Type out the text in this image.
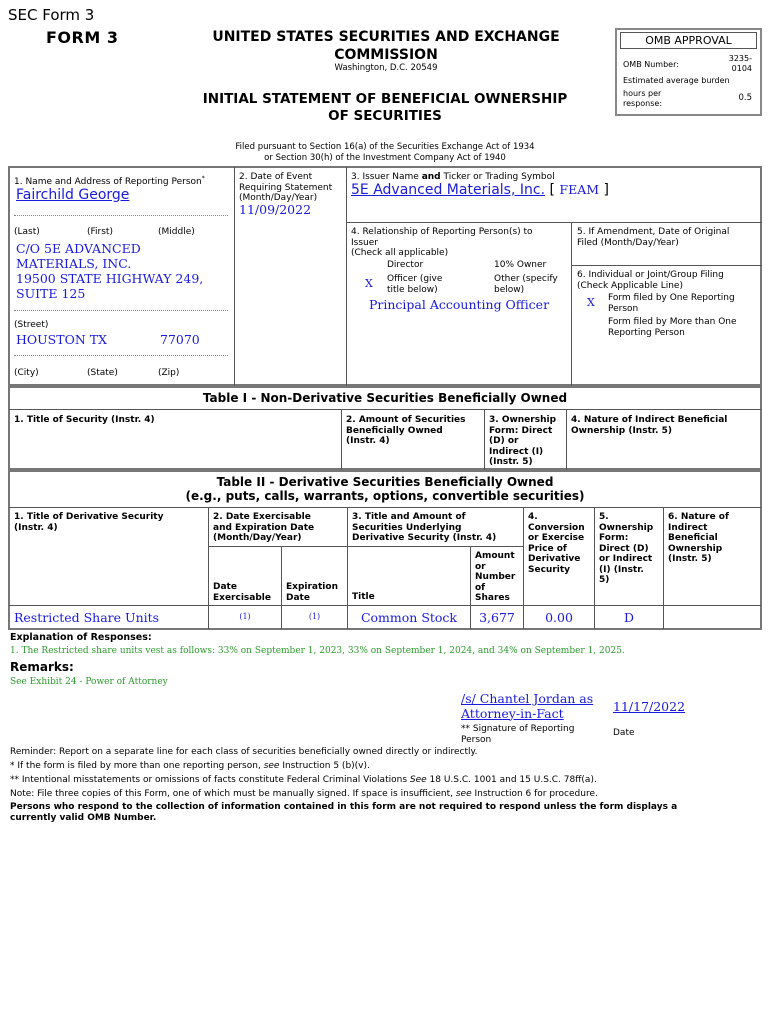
SEC Form 3
FORM 3	UNITED STATES SECURITIES AND EXCHANGE
COMMISSION
Washington, D.C. 20549
INITIAL STATEMENT OF BENEFICIAL OWNERSHIP
OF SECURITIES
OMB APPROVAL
OMB Number:
3235-
0104
Estimated average burden
hours per
response:
0.5
Filed pursuant to Section 16(a) of the Securities Exchange Act of 1934
or Section 30(h) of the Investment Company Act of 1940
1. Name and Address of Reporting Person*
Fairchild George
(Last)	(First)	(Middle)
C/O 5E ADVANCED
MATERIALS, INC.
19500 STATE HIGHWAY 249,
SUITE 125
(Street)
HOUSTON TX	77070
(City)	(State)	(Zip)
2. Date of Event
Requiring Statement
(Month/Day/Year)
11/09/2022
3. Issuer Name and Ticker or Trading Symbol
5E Advanced Materials, Inc. [ FEAM ]
4. Relationship of Reporting Person(s) to
Issuer
(Check all applicable)
Director	10% Owner
X Officer (give
title below)
Other (specify
below)
Principal Accounting Officer
5. If Amendment, Date of Original
Filed (Month/Day/Year)
6. Individual or Joint/Group Filing
(Check Applicable Line)
X Form filed by One Reporting
Person
Form filed by More than One
Reporting Person
Table I - Non-Derivative Securities Beneficially Owned
1. Title of Security (Instr. 4)	2. Amount of Securities
Beneficially Owned
(Instr. 4)
3. Ownership
Form: Direct
(D) or
Indirect (I)
(Instr. 5)
4. Nature of Indirect Beneficial
Ownership (Instr. 5)
Table II - Derivative Securities Beneficially Owned
(e.g., puts, calls, warrants, options, convertible securities)
1. Title of Derivative Security
(Instr. 4)
2. Date Exercisable
and Expiration Date
(Month/Day/Year)
3. Title and Amount of
Securities Underlying
Derivative Security (Instr. 4)
4.
Conversion
or Exercise
Price of
Derivative
Security
5.
Ownership
Form:
Direct (D)
or Indirect
(I) (Instr.
5)
6. Nature of
Indirect
Beneficial
Ownership
(Instr. 5)
Date
Exercisable
Expiration
Date	Title
Amount
or
Number
of
Shares
Restricted Share Units	(1)	(1)	Common Stock	3,677	0.00	D
Explanation of Responses:
1. The Restricted share units vest as follows: 33% on September 1, 2023, 33% on September 1, 2024, and 34% on September 1, 2025.
Remarks:
See Exhibit 24 - Power of Attorney
/s/ Chantel Jordan as
Attorney-in-Fact	11/17/2022
** Signature of Reporting
Person
Date
Reminder: Report on a separate line for each class of securities beneficially owned directly or indirectly.
* If the form is filed by more than one reporting person, see Instruction 5 (b)(v).
** Intentional misstatements or omissions of facts constitute Federal Criminal Violations See 18 U.S.C. 1001 and 15 U.S.C. 78ff(a).
Note: File three copies of this Form, one of which must be manually signed. If space is insufficient, see Instruction 6 for procedure.
Persons who respond to the collection of information contained in this form are not required to respond unless the form displays a
currently valid OMB Number.
